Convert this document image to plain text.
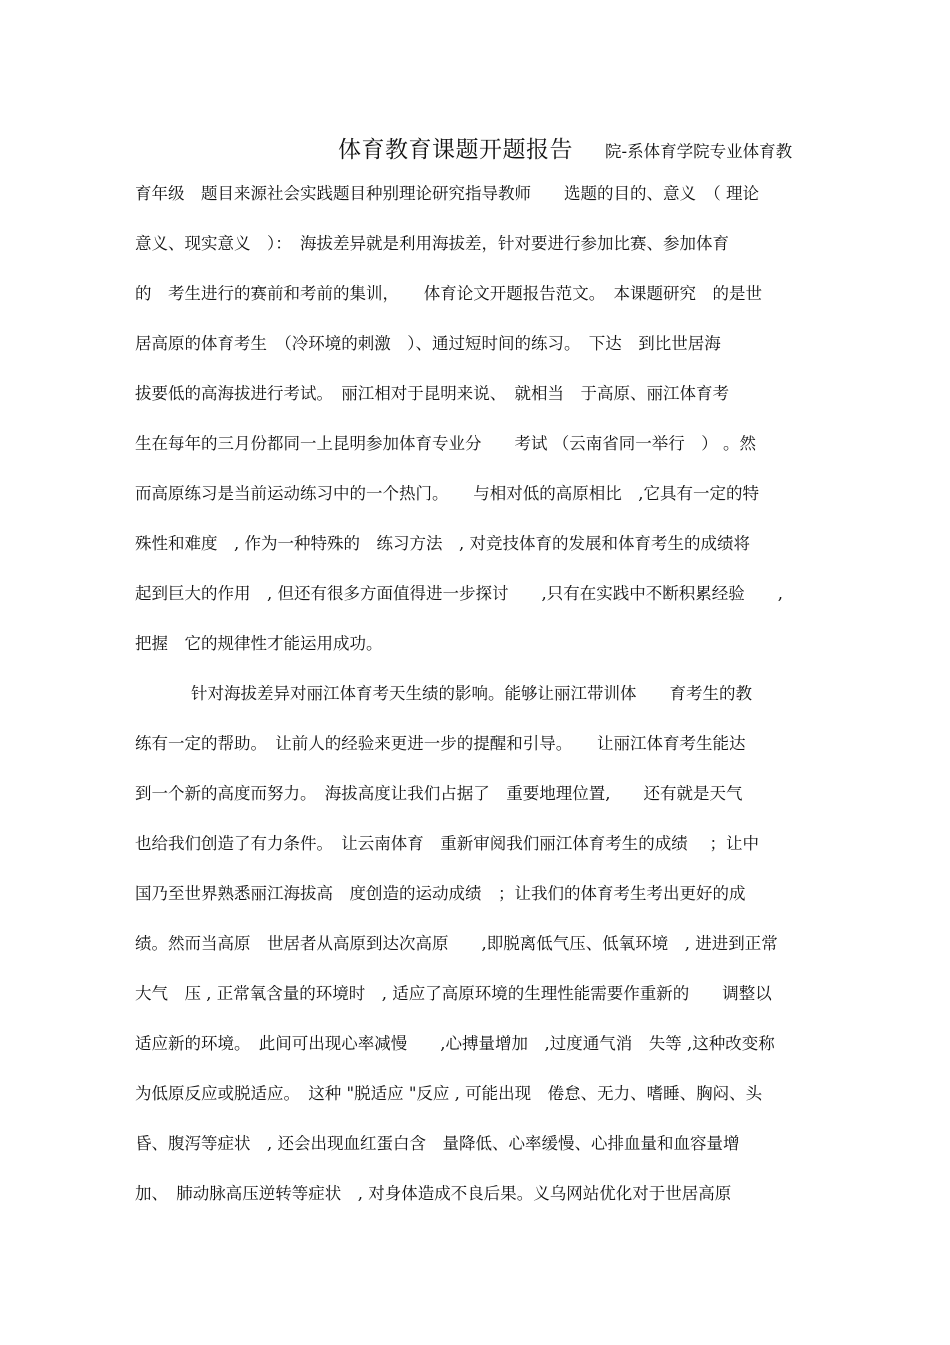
体育教育课题开题报告 院-系体育学院专业体育教
育年级　题目来源社会实践题目种别理论研究指导教师　　选题的目的、意义　（ 理论
意义、现实意义　）：　海拔差异就是利用海拔差，针对要进行参加比赛、参加体育
的　考生进行的赛前和考前的集训，　　体育论文开题报告范文。　本课题研究　的是世
居高原的体育考生　（冷环境的刺激　）、通过短时间的练习。　下达　到比世居海
拔要低的高海拔进行考试。　丽江相对于昆明来说、　就相当　于高原、丽江体育考
生在每年的三月份都同一上昆明参加体育专业分　　考试 （云南省同一举行　） 。然
而高原练习是当前运动练习中的一个热门。　　与相对低的高原相比　,它具有一定的特
殊性和难度　, 作为一种特殊的　练习方法　, 对竞技体育的发展和体育考生的成绩将
起到巨大的作用　, 但还有很多方面值得进一步探讨　　,只有在实践中不断积累经验　　,
把握　它的规律性才能运用成功。
针对海拔差异对丽江体育考天生绩的影响。能够让丽江带训体　　育考生的教
练有一定的帮助。　让前人的经验来更进一步的提醒和引导。　　让丽江体育考生能达
到一个新的高度而努力。　海拔高度让我们占据了　重要地理位置,　　还有就是天气
也给我们创造了有力条件。　让云南体育　重新审阅我们丽江体育考生的成绩　 ；让中
国乃至世界熟悉丽江海拔高　度创造的运动成绩　；让我们的体育考生考出更好的成
绩。然而当高原　世居者从高原到达次高原　　,即脱离低气压、低氧环境　, 进进到正常
大气　压 , 正常氧含量的环境时　, 适应了高原环境的生理性能需要作重新的　　调整以
适应新的环境。　此间可出现心率减慢　　,心搏量增加　,过度通气消　失等 ,这种改变称
为低原反应或脱适应。　这种 "脱适应 "反应 , 可能出现　倦怠、无力、嗜睡、胸闷、头
昏、腹泻等症状　, 还会出现血红蛋白含　量降低、心率缓慢、心排血量和血容量增
加、　肺动脉高压逆转等症状　, 对身体造成不良后果。义乌网站优化对于世居高原
